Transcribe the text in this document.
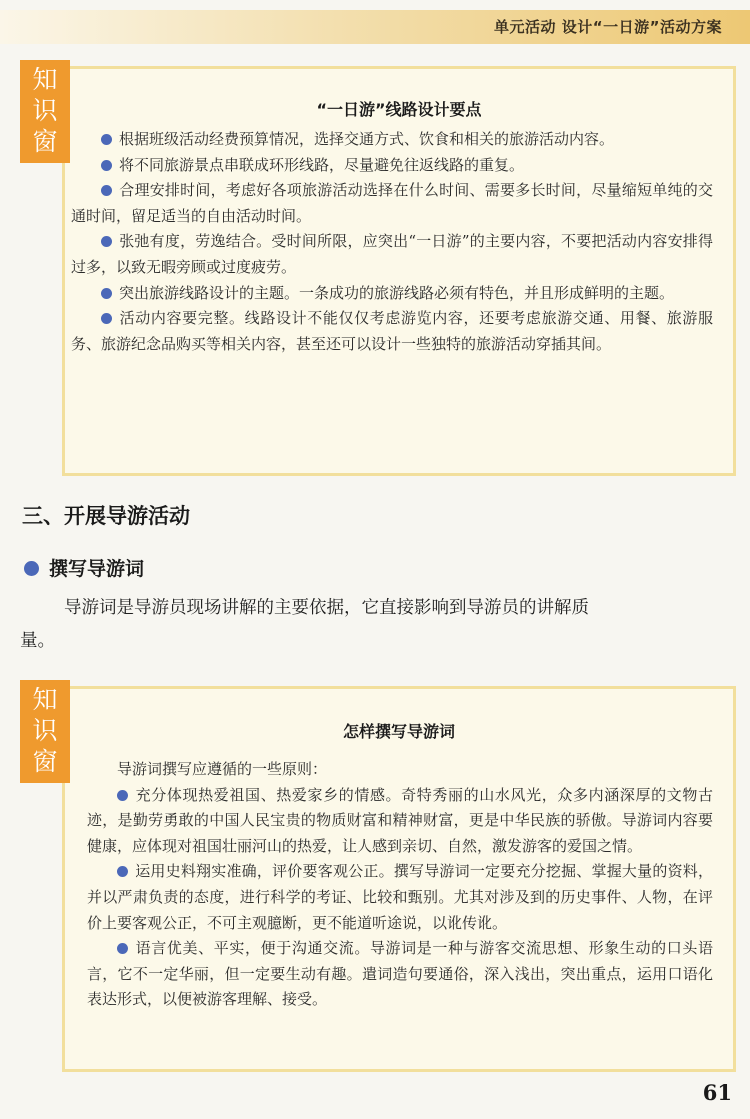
单元活动 设计“一日游”活动方案
“一日游”线路设计要点

根据班级活动经费预算情况，选择交通方式、饮食和相关的旅游活动内容。

将不同旅游景点串联成环形线路，尽量避免往返线路的重复。

合理安排时间，考虑好各项旅游活动选择在什么时间、需要多长时间，尽量缩短单纯的交通时间，留足适当的自由活动时间。

张弛有度，劳逸结合。受时间所限，应突出“一日游”的主要内容，不要把活动内容安排得过多，以致无暇旁顾或过度疲劳。

突出旅游线路设计的主题。一条成功的旅游线路必须有特色，并且形成鲜明的主题。

活动内容要完整。线路设计不能仅仅考虑游览内容，还要考虑旅游交通、用餐、旅游服务、旅游纪念品购买等相关内容，甚至还可以设计一些独特的旅游活动穿插其间。

知
识
窗
三、开展导游活动
撰写导游词

导游词是导游员现场讲解的主要依据，它直接影响到导游员的讲解质量。

怎样撰写导游词

导游词撰写应遵循的一些原则：

充分体现热爱祖国、热爱家乡的情感。奇特秀丽的山水风光，众多内涵深厚的文物古迹，是勤劳勇敢的中国人民宝贵的物质财富和精神财富，更是中华民族的骄傲。导游词内容要健康，应体现对祖国壮丽河山的热爱，让人感到亲切、自然，激发游客的爱国之情。

运用史料翔实准确，评价要客观公正。撰写导游词一定要充分挖掘、掌握大量的资料，并以严肃负责的态度，进行科学的考证、比较和甄别。尤其对涉及到的历史事件、人物，在评价上要客观公正，不可主观臆断，更不能道听途说，以讹传讹。

语言优美、平实，便于沟通交流。导游词是一种与游客交流思想、形象生动的口头语言，它不一定华丽，但一定要生动有趣。遣词造句要通俗，深入浅出，突出重点，运用口语化表达形式，以便被游客理解、接受。

知
识
窗
61
